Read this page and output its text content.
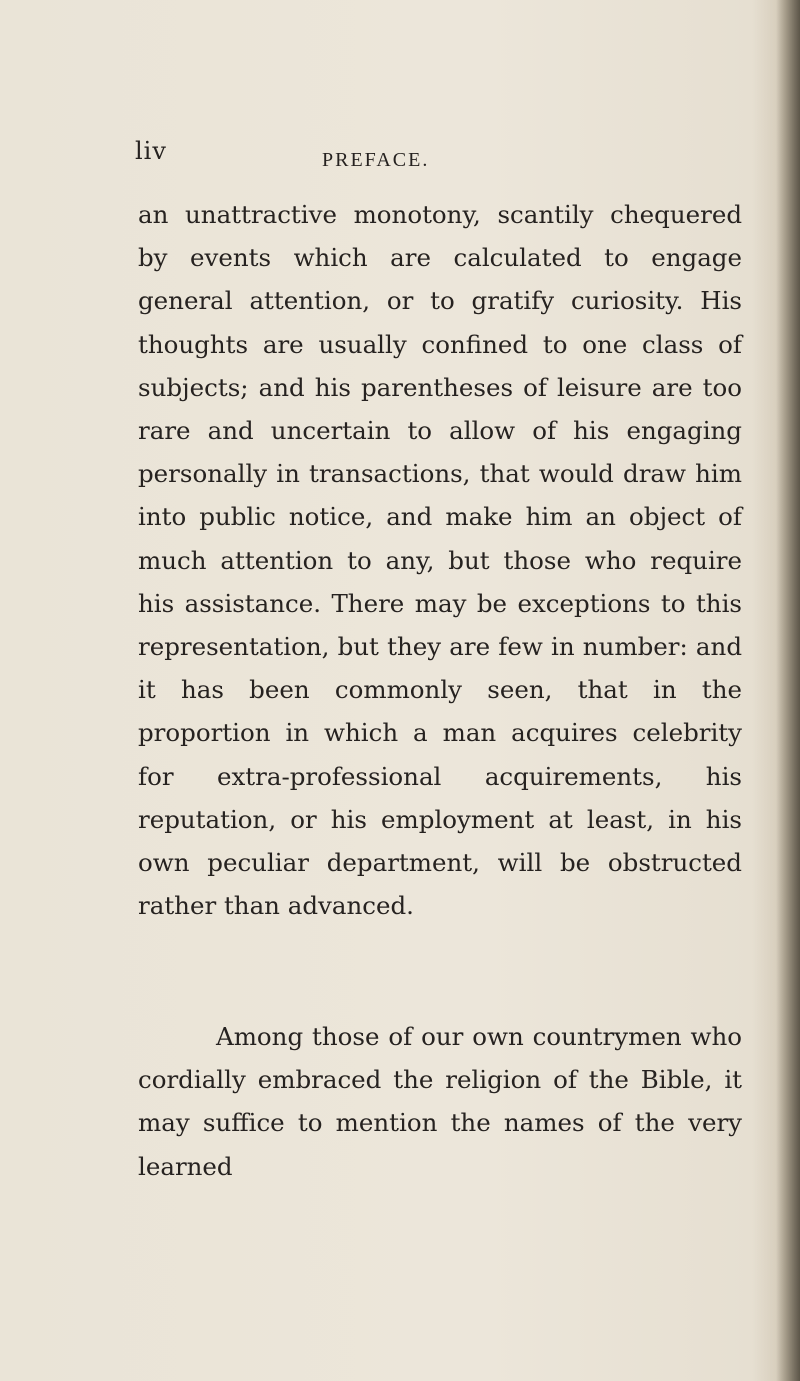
liv	PREFACE.

an unattractive monotony, scantily chequered by events which are calculated to engage general attention, or to gratify curiosity. His thoughts are usually confined to one class of subjects; and his parentheses of leisure are too rare and uncertain to allow of his engaging personally in transactions, that would draw him into public notice, and make him an object of much attention to any, but those who require his assistance. There may be exceptions to this representation, but they are few in number: and it has been commonly seen, that in the proportion in which a man acquires celebrity for extra-professional acquirements, his reputation, or his employment at least, in his own peculiar department, will be obstructed rather than advanced.

Among those of our own countrymen who cordially embraced the religion of the Bible, it may suffice to mention the names of the very learned
